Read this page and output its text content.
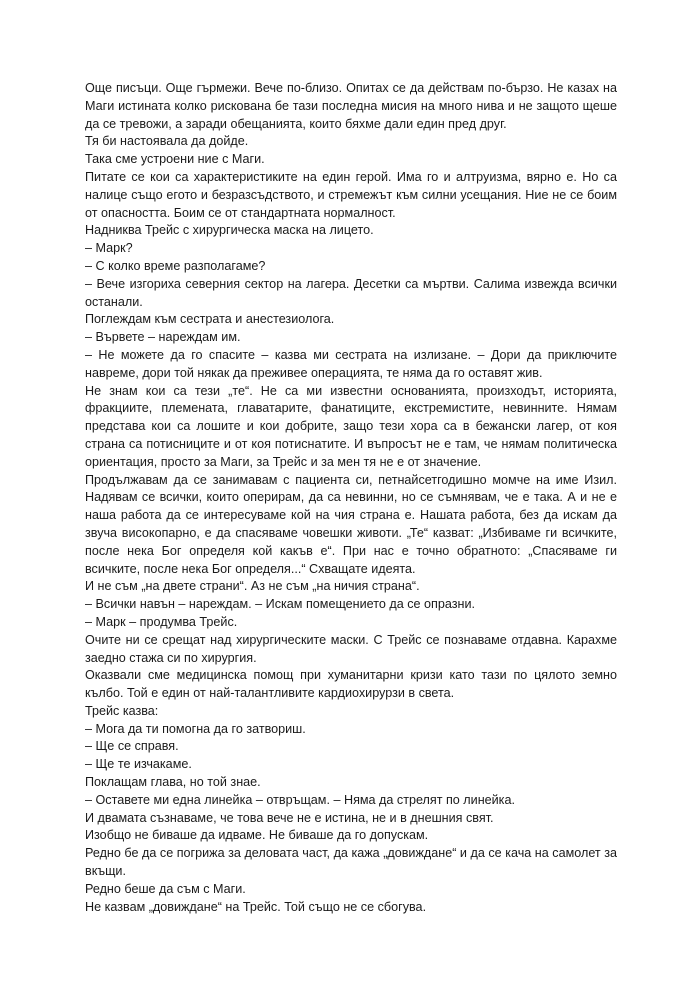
Още писъци. Още гърмежи. Вече по-близо. Опитах се да действам по-бързо. Не казах на Маги истината колко рискована бе тази последна мисия на много нива и не защото щеше да се тревожи, а заради обещанията, които бяхме дали един пред друг.

Тя би настоявала да дойде.

Така сме устроени ние с Маги.

Питате се кои са характеристиките на един герой. Има го и алтруизма, вярно е. Но са налице също егото и безразсъдството, и стремежът към силни усещания. Ние не се боим от опасността. Боим се от стандартната нормалност.

Надниква Трейс с хирургическа маска на лицето.

– Марк?

– С колко време разполагаме?

– Вече изгориха северния сектор на лагера. Десетки са мъртви. Салима извежда всички останали.

Поглеждам към сестрата и анестезиолога.

– Вървете – нареждам им.

– Не можете да го спасите – казва ми сестрата на излизане. – Дори да приключите навреме, дори той някак да преживее операцията, те няма да го оставят жив.

Не знам кои са тези „те“. Не са ми известни основанията, произходът, историята, фракциите, племената, главатарите, фанатиците, екстремистите, невинните. Нямам представа кои са лошите и кои добрите, защо тези хора са в бежански лагер, от коя страна са потисниците и от коя потиснатите. И въпросът не е там, че нямам политическа ориентация, просто за Маги, за Трейс и за мен тя не е от значение.

Продължавам да се занимавам с пациента си, петнайсетгодишно момче на име Изил. Надявам се всички, които оперирам, да са невинни, но се съмнявам, че е така. А и не е наша работа да се интересуваме кой на чия страна е. Нашата работа, без да искам да звуча високопарно, е да спасяваме човешки животи. „Те“ казват: „Избиваме ги всичките, после нека Бог определя кой какъв е“. При нас е точно обратното: „Спасяваме ги всичките, после нека Бог определя...“ Схващате идеята.

И не съм „на двете страни“. Аз не съм „на ничия страна“.

– Всички навън – нареждам. – Искам помещението да се опразни.

– Марк – продумва Трейс.

Очите ни се срещат над хирургическите маски. С Трейс се познаваме отдавна. Карахме заедно стажа си по хирургия.

Оказвали сме медицинска помощ при хуманитарни кризи като тази по цялото земно кълбо. Той е един от най-талантливите кардиохирурзи в света.

Трейс казва:

– Мога да ти помогна да го затвориш.

– Ще се справя.

– Ще те изчакаме.

Поклащам глава, но той знае.

– Оставете ми една линейка – отвръщам. – Няма да стрелят по линейка.

И двамата съзнаваме, че това вече не е истина, не и в днешния свят.

Изобщо не биваше да идваме. Не биваше да го допускам.

Редно бе да се погрижа за деловата част, да кажа „довиждане“ и да се кача на самолет за вкъщи.

Редно беше да съм с Маги.

Не казвам „довиждане“ на Трейс. Той също не се сбогува.
